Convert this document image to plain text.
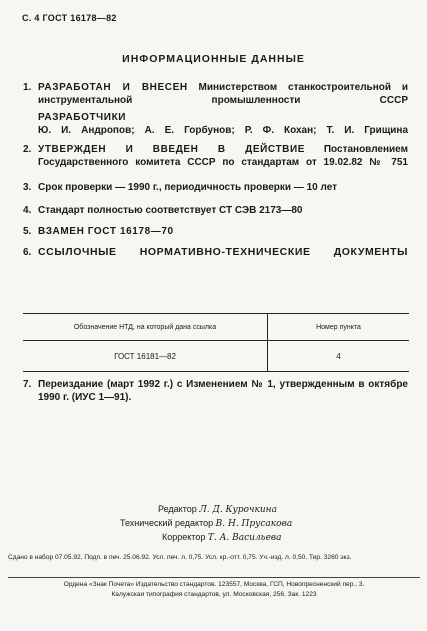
С. 4 ГОСТ 16178—82
ИНФОРМАЦИОННЫЕ ДАННЫЕ
1. РАЗРАБОТАН И ВНЕСЕН Министерством станкостроительной и инструментальной промышленности СССР
РАЗРАБОТЧИКИ
Ю. И. Андропов; А. Е. Горбунов; Р. Ф. Кохан; Т. И. Грищина
2. УТВЕРЖДЕН И ВВЕДЕН В ДЕЙСТВИЕ Постановлением Государственного комитета СССР по стандартам от 19.02.82 № 751
3. Срок проверки — 1990 г., периодичность проверки — 10 лет
4. Стандарт полностью соответствует СТ СЭВ 2173—80
5. ВЗАМЕН ГОСТ 16178—70
6. ССЫЛОЧНЫЕ НОРМАТИВНО-ТЕХНИЧЕСКИЕ ДОКУМЕНТЫ
Обозначение НТД, на который дана ссылка	Номер пункта
ГОСТ 16181—82	4
7. Переиздание (март 1992 г.) с Изменением № 1, утвержденным в октябре 1990 г. (ИУС 1—91).
Редактор Л. Д. Курочкина
Технический редактор В. Н. Прусакова
Корректор Т. А. Васильева
Сдано в набор 07.05.92. Подп. в печ. 25.06.92. Усл. печ. л. 0,75. Усл. кр.-отт. 0,75. Уч.-изд. л. 0,50. Тир. 3260 экз.
Ордена «Знак Почета» Издательство стандартов. 123557, Москва, ГСП, Новопресненский пер., 3.
Калужская типография стандартов, ул. Московская, 256. Зак. 1223
